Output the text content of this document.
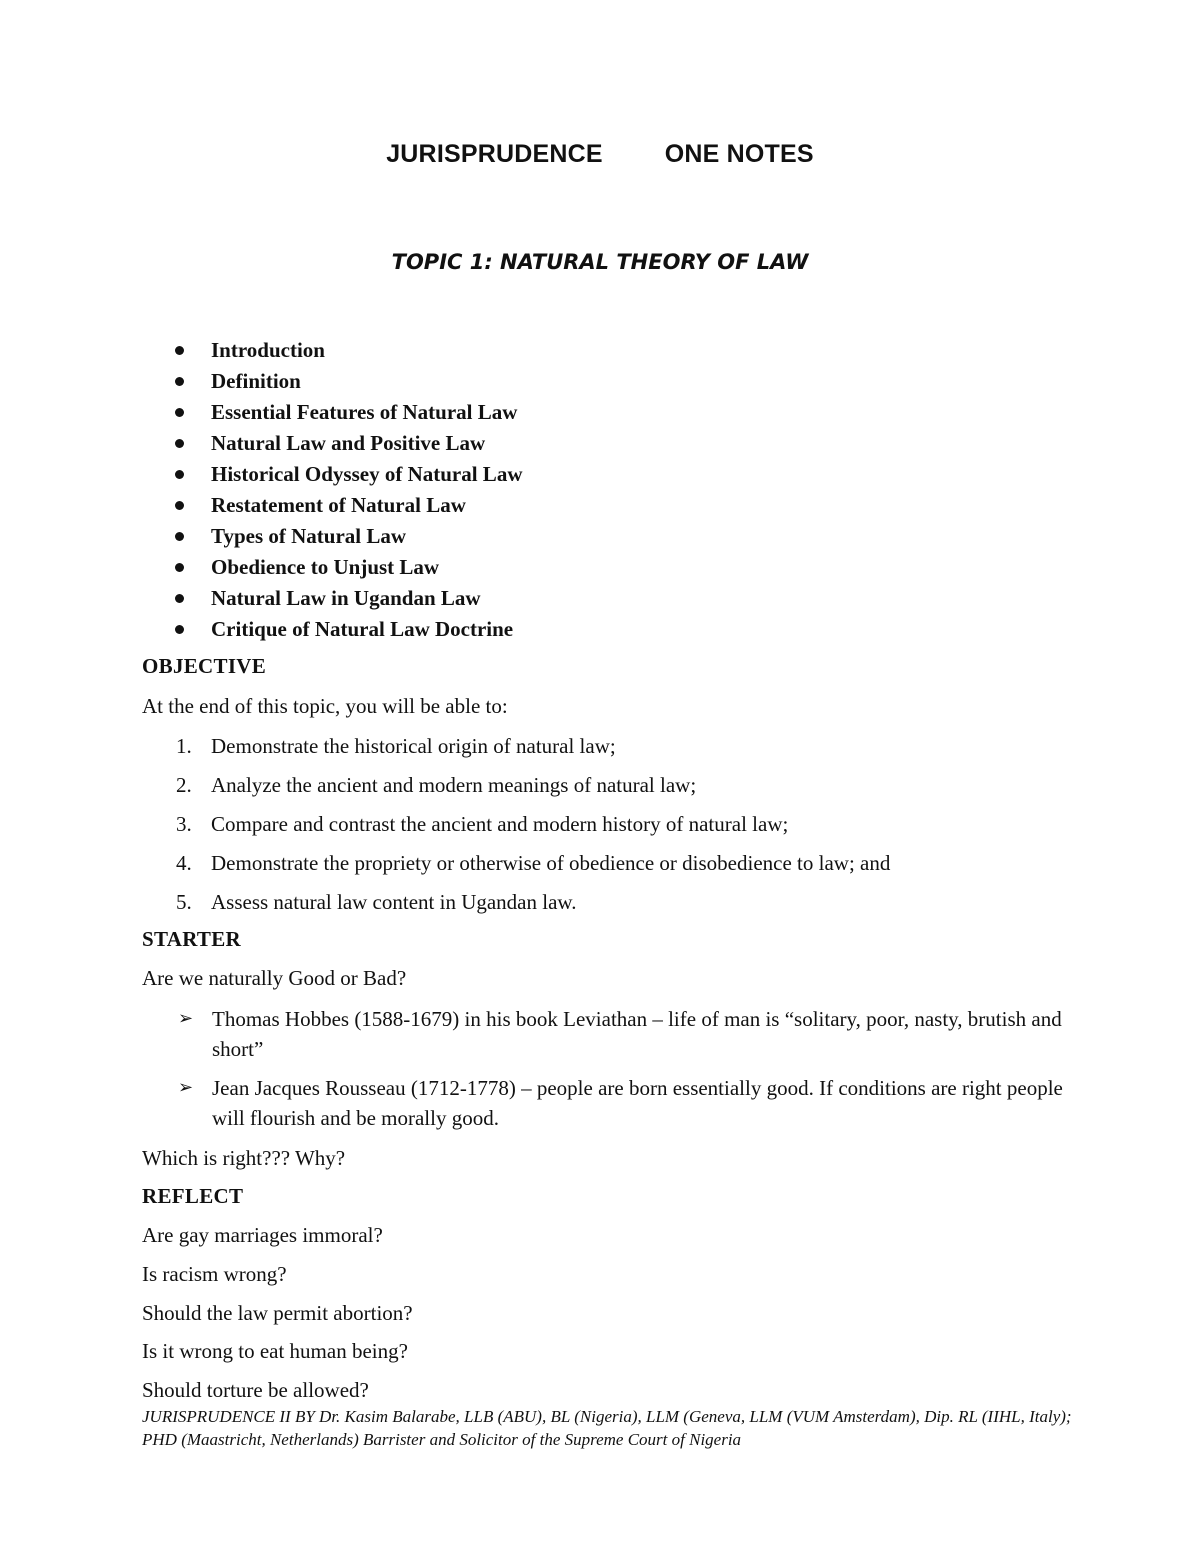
JURISPRUDENCE ONE NOTES
TOPIC 1: NATURAL THEORY OF LAW
Introduction
Definition
Essential Features of Natural Law
Natural Law and Positive Law
Historical Odyssey of Natural Law
Restatement of Natural Law
Types of Natural Law
Obedience to Unjust Law
Natural Law in Ugandan Law
Critique of Natural Law Doctrine
OBJECTIVE
At the end of this topic, you will be able to:
1. Demonstrate the historical origin of natural law;
2. Analyze the ancient and modern meanings of natural law;
3. Compare and contrast the ancient and modern history of natural law;
4. Demonstrate the propriety or otherwise of obedience or disobedience to law; and
5. Assess natural law content in Ugandan law.
STARTER
Are we naturally Good or Bad?
➢ Thomas Hobbes (1588-1679) in his book Leviathan – life of man is “solitary, poor, nasty, brutish and short”
➢ Jean Jacques Rousseau (1712-1778) – people are born essentially good. If conditions are right people will flourish and be morally good.
Which is right??? Why?
REFLECT
Are gay marriages immoral?
Is racism wrong?
Should the law permit abortion?
Is it wrong to eat human being?
Should torture be allowed?
JURISPRUDENCE II BY Dr. Kasim Balarabe, LLB (ABU), BL (Nigeria), LLM (Geneva, LLM (VUM Amsterdam), Dip. RL (IIHL, Italy); PHD (Maastricht, Netherlands) Barrister and Solicitor of the Supreme Court of Nigeria
